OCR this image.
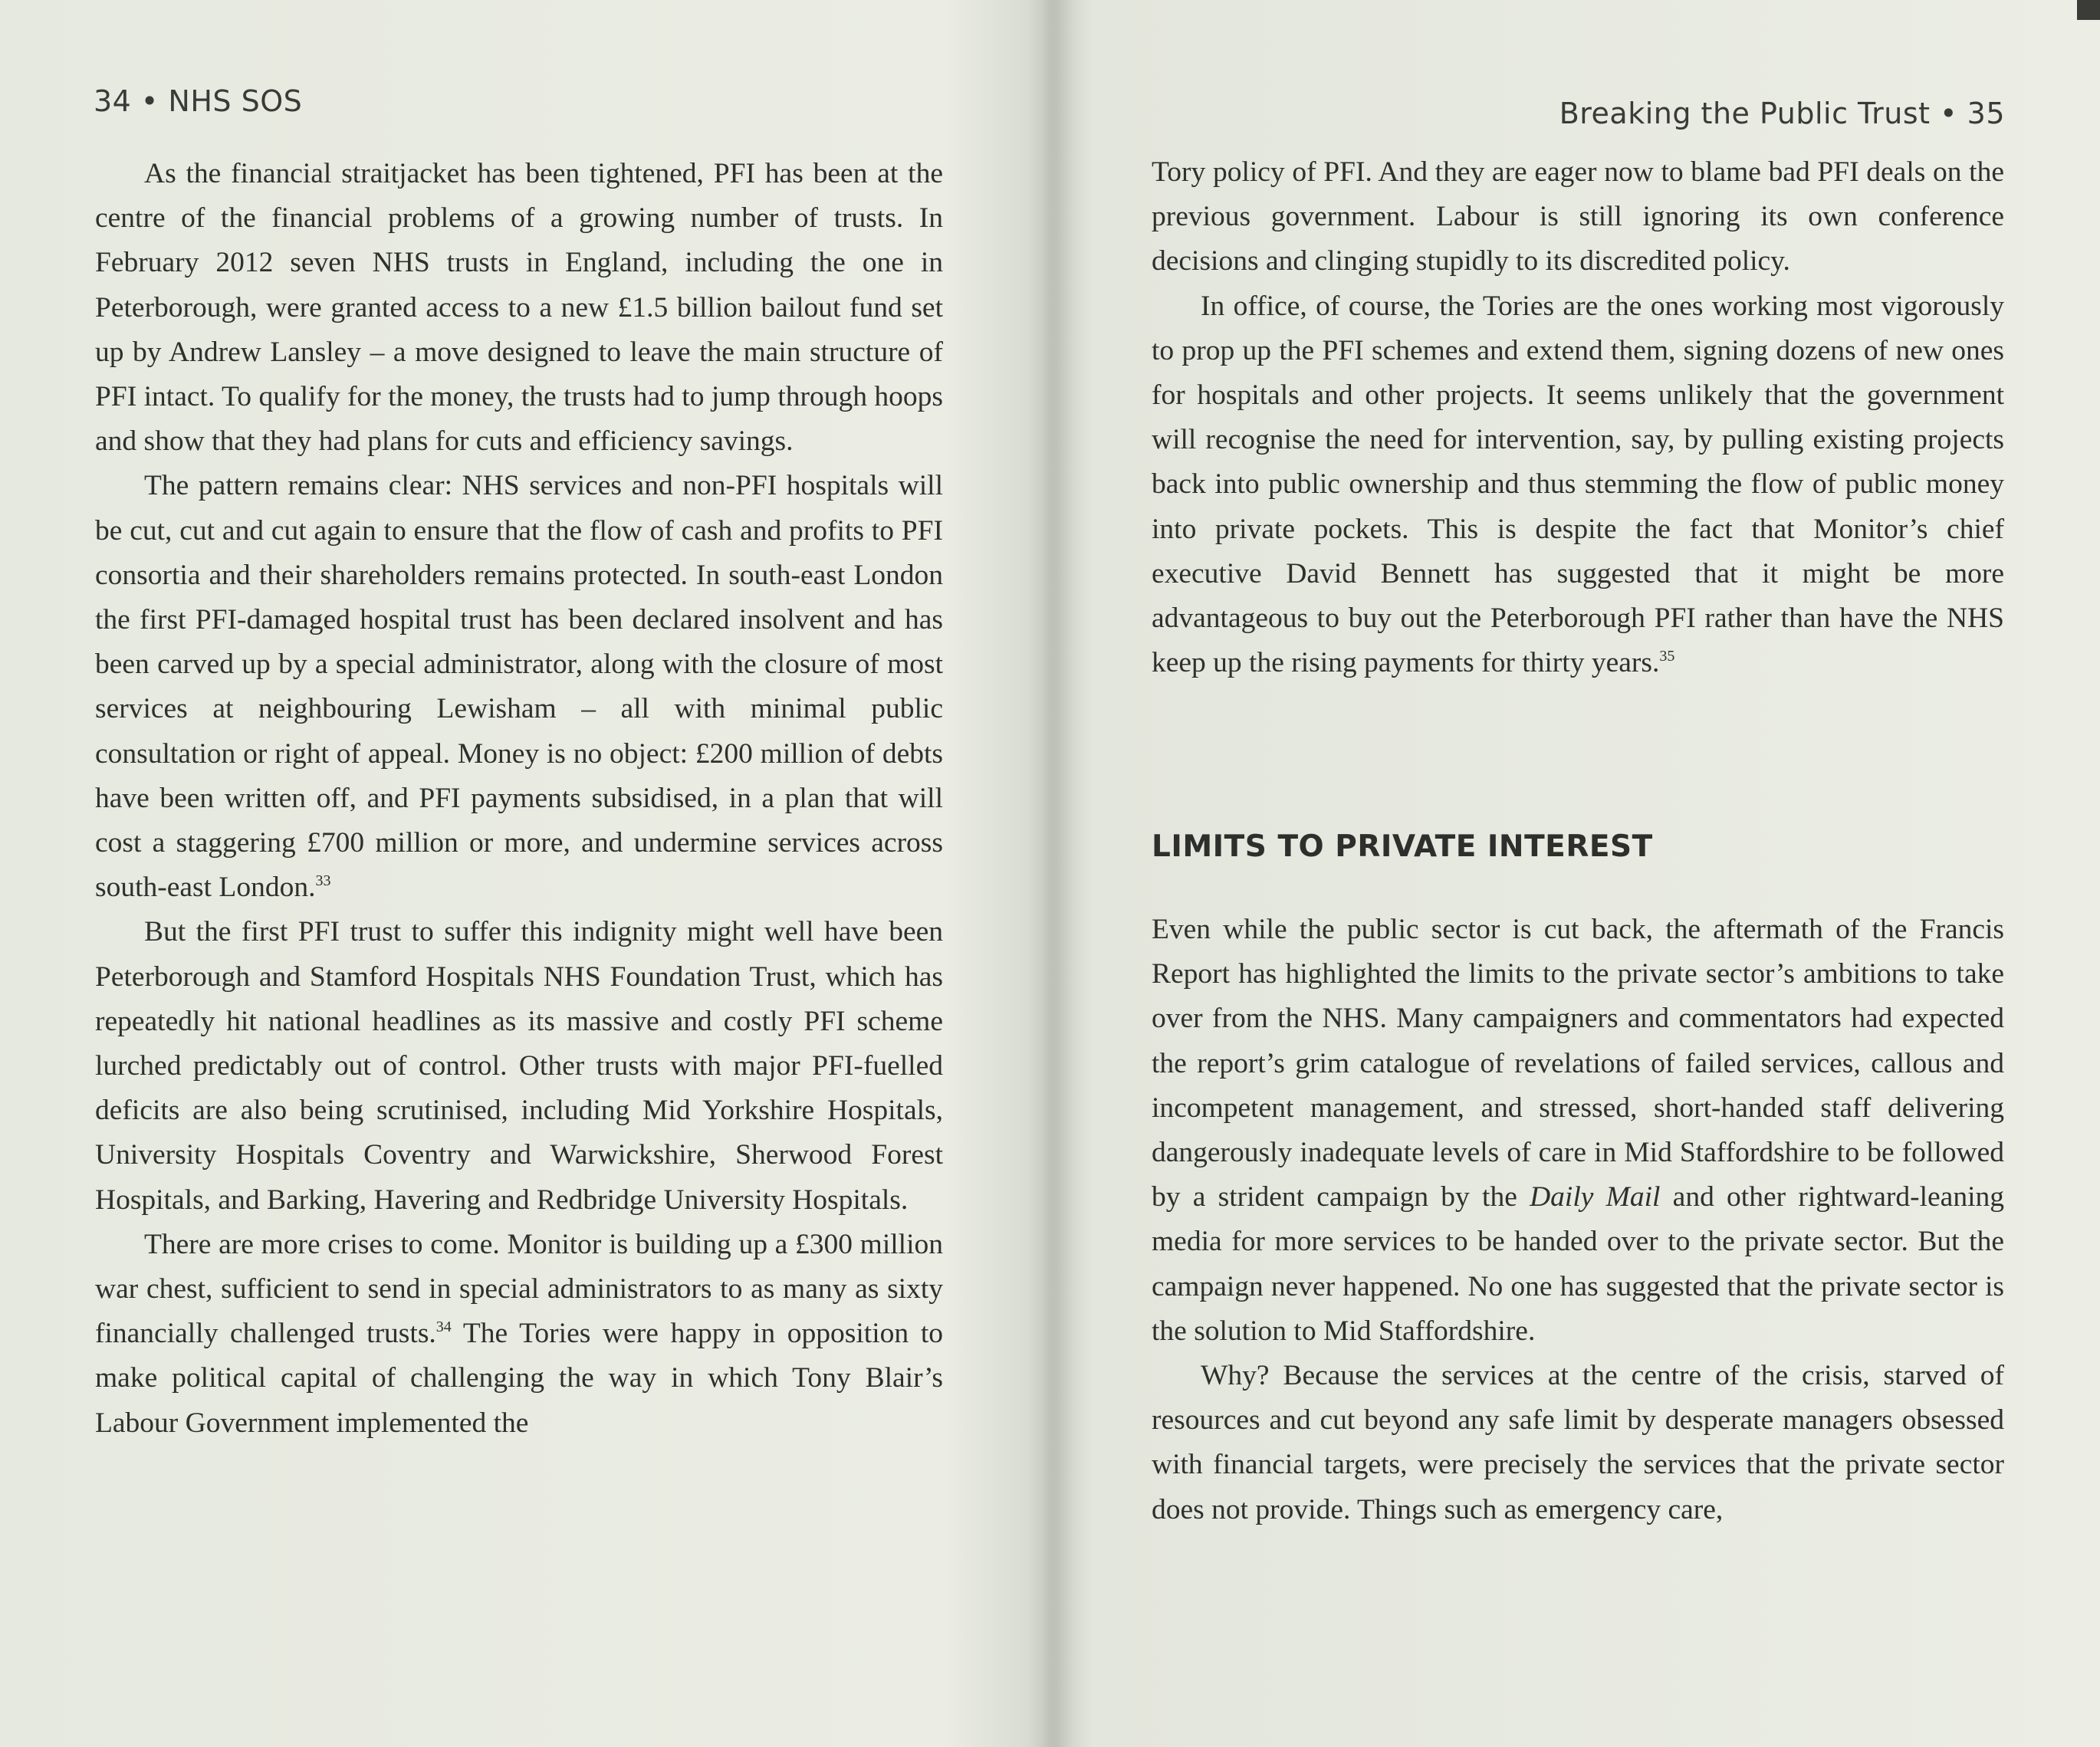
34 • NHS SOS

As the financial straitjacket has been tightened, PFI has been at the centre of the financial problems of a growing number of trusts. In February 2012 seven NHS trusts in England, including the one in Peterborough, were granted access to a new £1.5 billion bailout fund set up by Andrew Lansley – a move designed to leave the main structure of PFI intact. To qualify for the money, the trusts had to jump through hoops and show that they had plans for cuts and efficiency savings.

The pattern remains clear: NHS services and non-PFI hospitals will be cut, cut and cut again to ensure that the flow of cash and profits to PFI consortia and their shareholders remains protected. In south-east London the first PFI-damaged hospital trust has been declared insolvent and has been carved up by a special administrator, along with the closure of most services at neighbouring Lewisham – all with minimal public consultation or right of appeal. Money is no object: £200 million of debts have been written off, and PFI payments subsidised, in a plan that will cost a staggering £700 million or more, and undermine services across south-east London.$^{33}$

But the first PFI trust to suffer this indignity might well have been Peterborough and Stamford Hospitals NHS Foundation Trust, which has repeatedly hit national headlines as its massive and costly PFI scheme lurched predictably out of control. Other trusts with major PFI-fuelled deficits are also being scrutinised, including Mid Yorkshire Hospitals, University Hospitals Coventry and Warwickshire, Sherwood Forest Hospitals, and Barking, Havering and Redbridge University Hospitals.

There are more crises to come. Monitor is building up a £300 million war chest, sufficient to send in special administrators to as many as sixty financially challenged trusts.$^{34}$ The Tories were happy in opposition to make political capital of challenging the way in which Tony Blair’s Labour Government implemented the

Breaking the Public Trust • 35

Tory policy of PFI. And they are eager now to blame bad PFI deals on the previous government. Labour is still ignoring its own conference decisions and clinging stupidly to its discredited policy.

In office, of course, the Tories are the ones working most vigorously to prop up the PFI schemes and extend them, signing dozens of new ones for hospitals and other projects. It seems unlikely that the government will recognise the need for intervention, say, by pulling existing projects back into public ownership and thus stemming the flow of public money into private pockets. This is despite the fact that Monitor’s chief executive David Bennett has suggested that it might be more advantageous to buy out the Peterborough PFI rather than have the NHS keep up the rising payments for thirty years.$^{35}$

LIMITS TO PRIVATE INTEREST

Even while the public sector is cut back, the aftermath of the Francis Report has highlighted the limits to the private sector’s ambitions to take over from the NHS. Many campaigners and commentators had expected the report’s grim catalogue of revelations of failed services, callous and incompetent management, and stressed, short-handed staff delivering dangerously inadequate levels of care in Mid Staffordshire to be followed by a strident campaign by the Daily Mail and other rightward-leaning media for more services to be handed over to the private sector. But the campaign never happened. No one has suggested that the private sector is the solution to Mid Staffordshire.

Why? Because the services at the centre of the crisis, starved of resources and cut beyond any safe limit by desperate managers obsessed with financial targets, were precisely the services that the private sector does not provide. Things such as emergency care,
